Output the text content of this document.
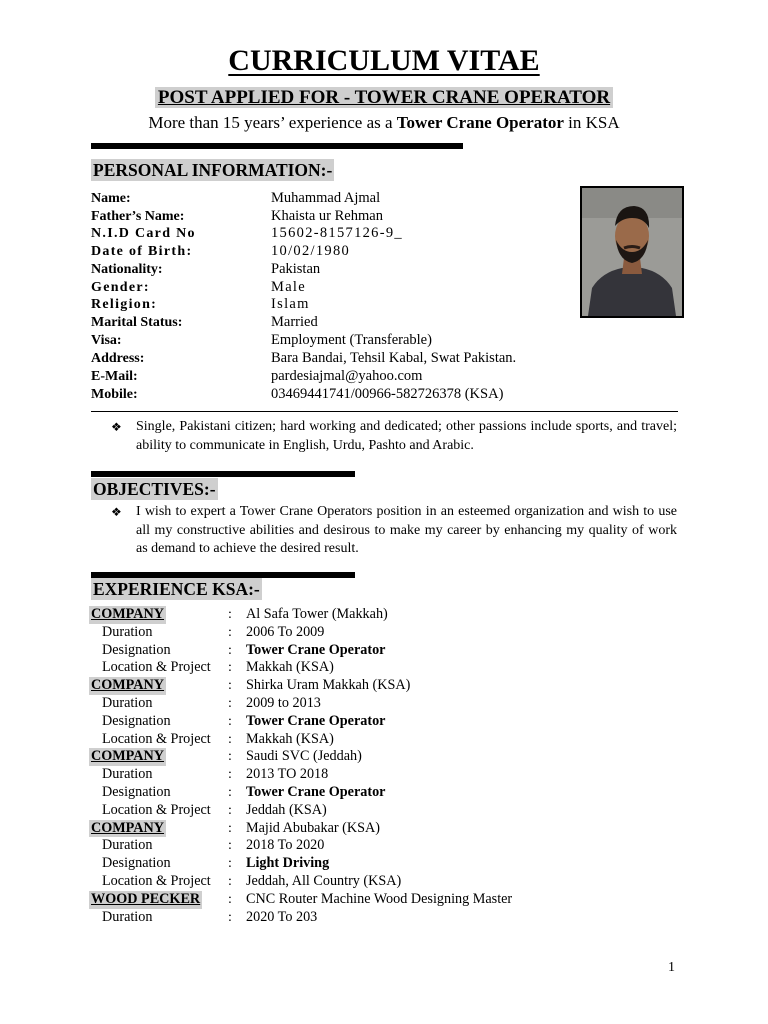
CURRICULUM VITAE
POST APPLIED FOR - TOWER CRANE OPERATOR
More than 15 years’ experience as a Tower Crane Operator in KSA
PERSONAL INFORMATION:-
Name:	Muhammad Ajmal
Father’s Name:	Khaista ur Rehman
N.I.D Card No	15602-8157126-9_
Date of Birth:	10/02/1980
Nationality:	Pakistan
Gender:	Male
Religion:	Islam
Marital Status:	Married
Visa:	Employment (Transferable)
Address:	Bara Bandai, Tehsil Kabal, Swat Pakistan.
E-Mail:	pardesiajmal@yahoo.com
Mobile:	03469441741/00966-582726378 (KSA)
❖ Single, Pakistani citizen; hard working and dedicated; other passions include sports, and travel; ability to communicate in English, Urdu, Pashto and Arabic.
OBJECTIVES:-
❖ I wish to expert a Tower Crane Operators position in an esteemed organization and wish to use all my constructive abilities and desirous to make my career by enhancing my quality of work as demand to achieve the desired result.
EXPERIENCE KSA:-
COMPANY	: Al Safa Tower (Makkah)
Duration	: 2006 To 2009
Designation	: Tower Crane Operator
Location & Project : Makkah (KSA)
COMPANY	: Shirka Uram Makkah (KSA)
Duration	: 2009 to 2013
Designation	: Tower Crane Operator
Location & Project : Makkah (KSA)
COMPANY	: Saudi SVC (Jeddah)
Duration	: 2013 TO 2018
Designation	: Tower Crane Operator
Location & Project : Jeddah (KSA)
COMPANY	: Majid Abubakar (KSA)
Duration	: 2018 To 2020
Designation	: Light Driving
Location & Project : Jeddah, All Country (KSA)
WOOD PECKER : CNC Router Machine Wood Designing Master
Duration	: 2020 To 203
1
